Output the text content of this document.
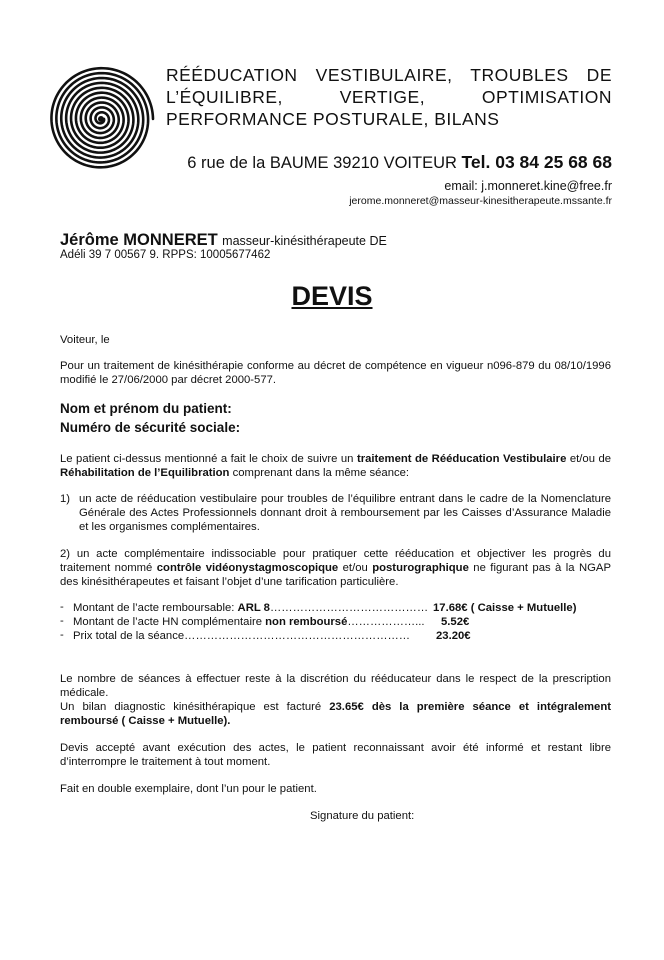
RÉÉDUCATION VESTIBULAIRE, TROUBLES DE
L’ÉQUILIBRE, VERTIGE, OPTIMISATION
PERFORMANCE POSTURALE, BILANS
6 rue de la BAUME 39210 VOITEUR Tel. 03 84 25 68 68
email: j.monneret.kine@free.fr
jerome.monneret@masseur-kinesitherapeute.mssante.fr
Jérôme MONNERET masseur-kinésithérapeute DE
Adéli 39 7 00567 9. RPPS: 10005677462
DEVIS
Voiteur, le
Pour un traitement de kinésithérapie conforme au décret de compétence en vigueur n096-879 du 08/10/1996 modifié le 27/06/2000 par décret 2000-577.
Nom et prénom du patient:
Numéro de sécurité sociale:
Le patient ci-dessus mentionné a fait le choix de suivre un traitement de Rééducation Vestibulaire et/ou de Réhabilitation de l’Equilibration comprenant dans la même séance:
1) un acte de rééducation vestibulaire pour troubles de l’équilibre entrant dans le cadre de la Nomenclature Générale des Actes Professionnels donnant droit à remboursement par les Caisses d’Assurance Maladie et les organismes complémentaires.
2) un acte complémentaire indissociable pour pratiquer cette rééducation et objectiver les progrès du traitement nommé contrôle vidéonystagmoscopique et/ou posturographique ne figurant pas à la NGAP des kinésithérapeutes et faisant l’objet d’une tarification particulière.
- Montant de l’acte remboursable: ARL 8…………………………………… 17.68€ ( Caisse + Mutuelle)
- Montant de l’acte HN complémentaire non remboursé………………... 5.52€
- Prix total de la séance…………………………………………………… 23.20€
Le nombre de séances à effectuer reste à la discrétion du rééducateur dans le respect de la prescription médicale.
Un bilan diagnostic kinésithérapique est facturé 23.65€ dès la première séance et intégralement remboursé ( Caisse + Mutuelle).
Devis accepté avant exécution des actes, le patient reconnaissant avoir été informé et restant libre d’interrompre le traitement à tout moment.
Fait en double exemplaire, dont l’un pour le patient.
Signature du patient:
